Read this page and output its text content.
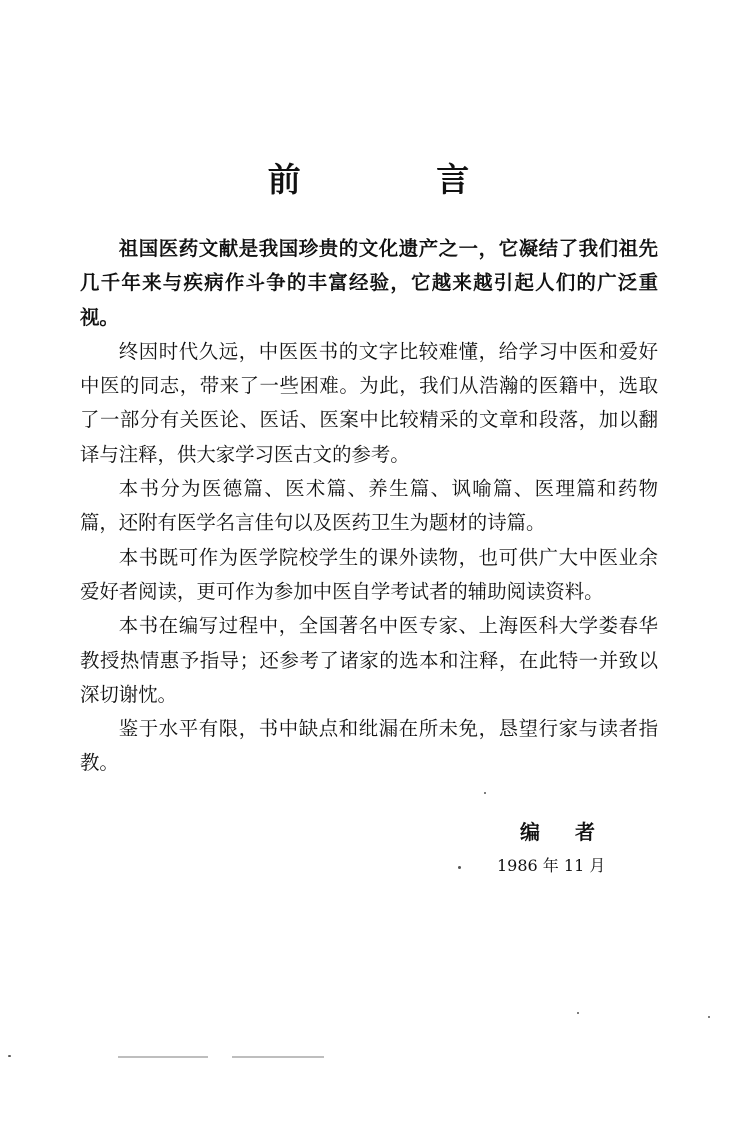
前 言

祖国医药文献是我国珍贵的文化遗产之一，它凝结了我们祖先几千年来与疾病作斗争的丰富经验，它越来越引起人们的广泛重视。

终因时代久远，中医医书的文字比较难懂，给学习中医和爱好中医的同志，带来了一些困难。为此，我们从浩瀚的医籍中，选取了一部分有关医论、医话、医案中比较精采的文章和段落，加以翻译与注释，供大家学习医古文的参考。

本书分为医德篇、医术篇、养生篇、讽喻篇、医理篇和药物篇，还附有医学名言佳句以及医药卫生为题材的诗篇。

本书既可作为医学院校学生的课外读物，也可供广大中医业余爱好者阅读，更可作为参加中医自学考试者的辅助阅读资料。

本书在编写过程中，全国著名中医专家、上海医科大学娄春华教授热情惠予指导；还参考了诸家的选本和注释，在此特一并致以深切谢忱。

鉴于水平有限，书中缺点和纰漏在所未免，恳望行家与读者指教。

编 者
1986 年 11 月
